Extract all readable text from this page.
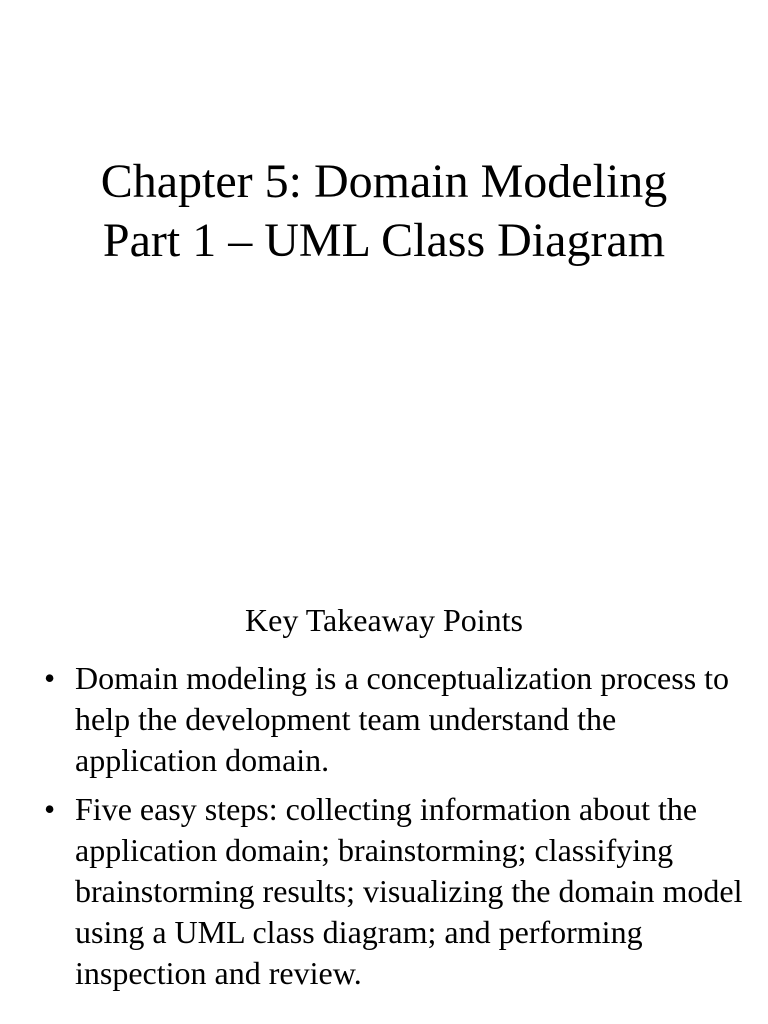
Chapter 5: Domain Modeling
Part 1 – UML Class Diagram
Key Takeaway Points
• Domain modeling is a conceptualization process to help the development team understand the application domain.
• Five easy steps: collecting information about the application domain; brainstorming; classifying brainstorming results; visualizing the domain model using a UML class diagram; and performing inspection and review.
